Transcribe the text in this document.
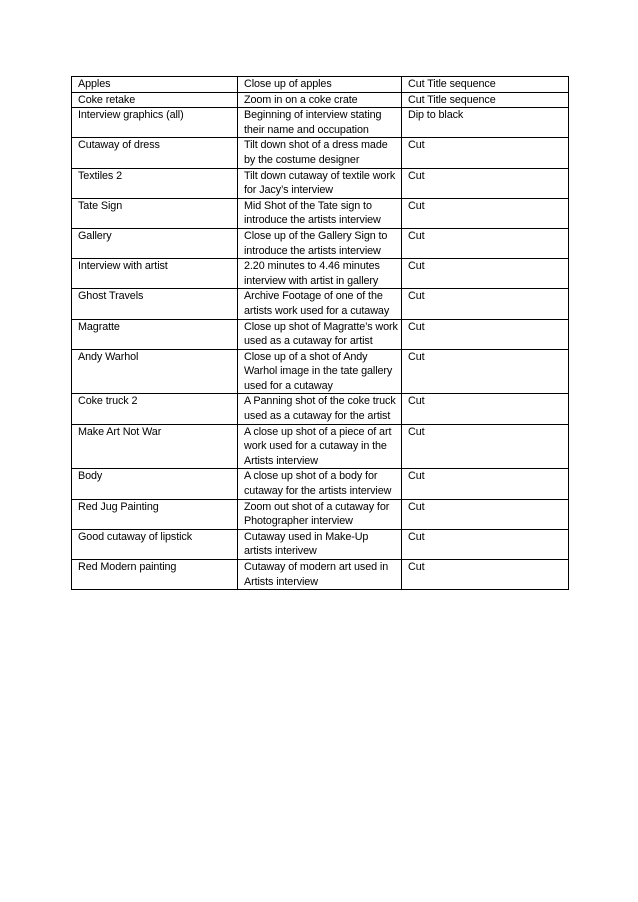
Apples	Close up of apples	Cut Title sequence
Coke retake	Zoom in on a coke crate	Cut Title sequence
Interview graphics (all)	Beginning of interview stating their name and occupation	Dip to black
Cutaway of dress	Tilt down shot of a dress made by the costume designer	Cut
Textiles 2	Tilt down cutaway of textile work for Jacy’s interview	Cut
Tate Sign	Mid Shot of the Tate sign to introduce the artists interview	Cut
Gallery	Close up of the Gallery Sign to introduce the artists interview	Cut
Interview with artist	2.20 minutes to 4.46 minutes interview with artist in gallery	Cut
Ghost Travels	Archive Footage of one of the artists work used for a cutaway	Cut
Magratte	Close up shot of Magratte’s work used as a cutaway for artist	Cut
Andy Warhol	Close up of a shot of Andy Warhol image in the tate gallery used for a cutaway	Cut
Coke truck 2	A Panning shot of the coke truck used as a cutaway for the artist	Cut
Make Art Not War	A close up shot of a piece of art work used for a cutaway in the Artists interview	Cut
Body	A close up shot of a body for cutaway for the artists interview	Cut
Red Jug Painting	Zoom out shot of a cutaway for Photographer interview	Cut
Good cutaway of lipstick	Cutaway used in Make-Up artists interivew	Cut
Red Modern painting	Cutaway of modern art used in Artists interview	Cut
